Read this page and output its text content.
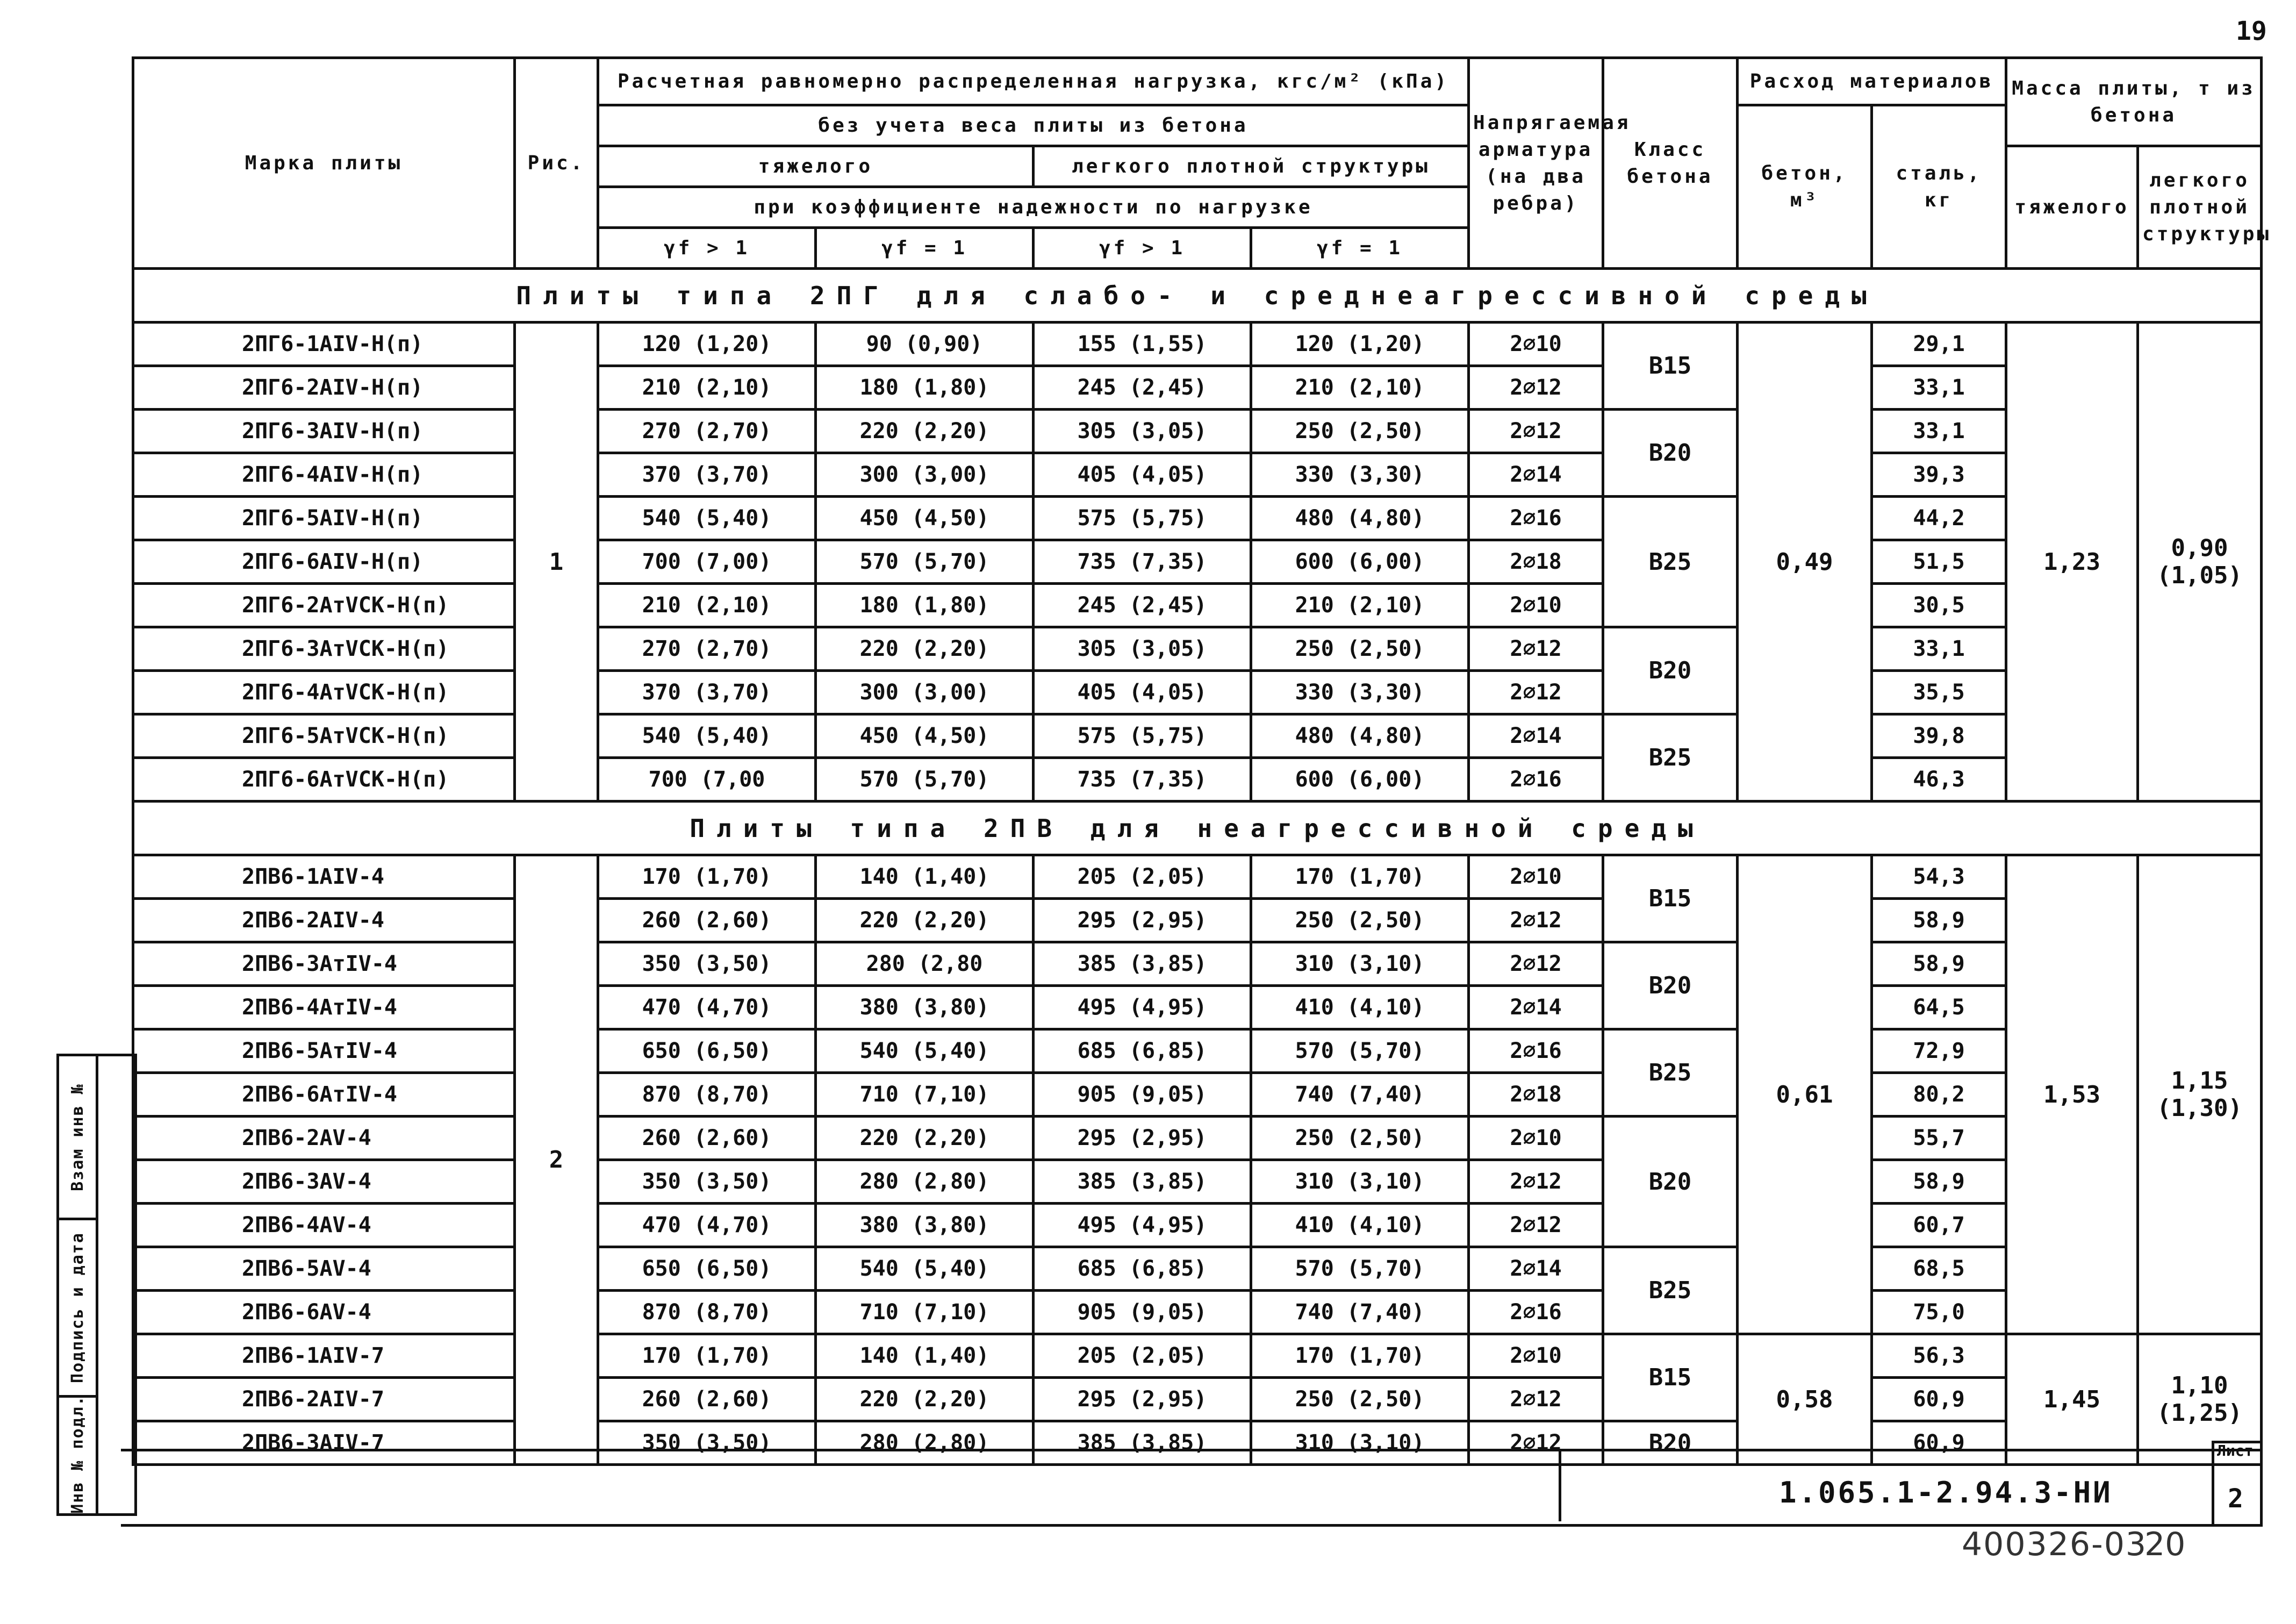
19
Марка плиты	Рис.	Расчетная равномерно распределенная нагрузка, кгс/м² (кПа)				Напрягаемая арматура (на два ребра)	Класс бетона	Расход материалов		Масса плиты, т из бетона	
		без учета веса плиты из бетона						бетон, м³	сталь, кг		
		тяжелого		легкого плотной структуры						тяжелого	легкого плотной структуры
		при коэффициенте надежности по нагрузке									
		γf > 1	γf = 1	γf > 1	γf = 1						
Плиты типа 2ПГ для слабо- и среднеагрессивной среды											
2ПГ6-1АIV-Н(п)	1	120 (1,20)	90 (0,90)	155 (1,55)	120 (1,20)	2⌀10	В15	0,49	29,1	1,23	0,90 (1,05)
2ПГ6-2АIV-Н(п)		210 (2,10)	180 (1,80)	245 (2,45)	210 (2,10)	2⌀12			33,1		
2ПГ6-3АIV-Н(п)		270 (2,70)	220 (2,20)	305 (3,05)	250 (2,50)	2⌀12	В20		33,1		
2ПГ6-4АIV-Н(п)		370 (3,70)	300 (3,00)	405 (4,05)	330 (3,30)	2⌀14			39,3		
2ПГ6-5АIV-Н(п)		540 (5,40)	450 (4,50)	575 (5,75)	480 (4,80)	2⌀16	В25		44,2		
2ПГ6-6АIV-Н(п)		700 (7,00)	570 (5,70)	735 (7,35)	600 (6,00)	2⌀18			51,5		
2ПГ6-2АтVСК-Н(п)		210 (2,10)	180 (1,80)	245 (2,45)	210 (2,10)	2⌀10			30,5		
2ПГ6-3АтVСК-Н(п)		270 (2,70)	220 (2,20)	305 (3,05)	250 (2,50)	2⌀12	В20		33,1		
2ПГ6-4АтVСК-Н(п)		370 (3,70)	300 (3,00)	405 (4,05)	330 (3,30)	2⌀12			35,5		
2ПГ6-5АтVСК-Н(п)		540 (5,40)	450 (4,50)	575 (5,75)	480 (4,80)	2⌀14	В25		39,8		
2ПГ6-6АтVСК-Н(п)		700 (7,00	570 (5,70)	735 (7,35)	600 (6,00)	2⌀16			46,3		
Плиты типа 2ПВ для неагрессивной среды											
2ПВ6-1АIV-4	2	170 (1,70)	140 (1,40)	205 (2,05)	170 (1,70)	2⌀10	В15	0,61	54,3	1,53	1,15 (1,30)
2ПВ6-2АIV-4		260 (2,60)	220 (2,20)	295 (2,95)	250 (2,50)	2⌀12			58,9		
2ПВ6-3АтIV-4		350 (3,50)	280 (2,80	385 (3,85)	310 (3,10)	2⌀12	В20		58,9		
2ПВ6-4АтIV-4		470 (4,70)	380 (3,80)	495 (4,95)	410 (4,10)	2⌀14			64,5		
2ПВ6-5АтIV-4		650 (6,50)	540 (5,40)	685 (6,85)	570 (5,70)	2⌀16	В25		72,9		
2ПВ6-6АтIV-4		870 (8,70)	710 (7,10)	905 (9,05)	740 (7,40)	2⌀18			80,2		
2ПВ6-2АV-4		260 (2,60)	220 (2,20)	295 (2,95)	250 (2,50)	2⌀10	В20		55,7		
2ПВ6-3АV-4		350 (3,50)	280 (2,80)	385 (3,85)	310 (3,10)	2⌀12			58,9		
2ПВ6-4АV-4		470 (4,70)	380 (3,80)	495 (4,95)	410 (4,10)	2⌀12			60,7		
2ПВ6-5АV-4		650 (6,50)	540 (5,40)	685 (6,85)	570 (5,70)	2⌀14	В25		68,5		
2ПВ6-6АV-4		870 (8,70)	710 (7,10)	905 (9,05)	740 (7,40)	2⌀16			75,0		
2ПВ6-1АIV-7		170 (1,70)	140 (1,40)	205 (2,05)	170 (1,70)	2⌀10	В15	0,58	56,3	1,45	1,10 (1,25)
2ПВ6-2АIV-7		260 (2,60)	220 (2,20)	295 (2,95)	250 (2,50)	2⌀12			60,9		
2ПВ6-3АIV-7		350 (3,50)	280 (2,80)	385 (3,85)	310 (3,10)	2⌀12	В20		60,9		
Взам инв №
Подпись и дата
Инв № подл.	1.065.1-2.94.3-НИ
Лист
2
400326-03
20
